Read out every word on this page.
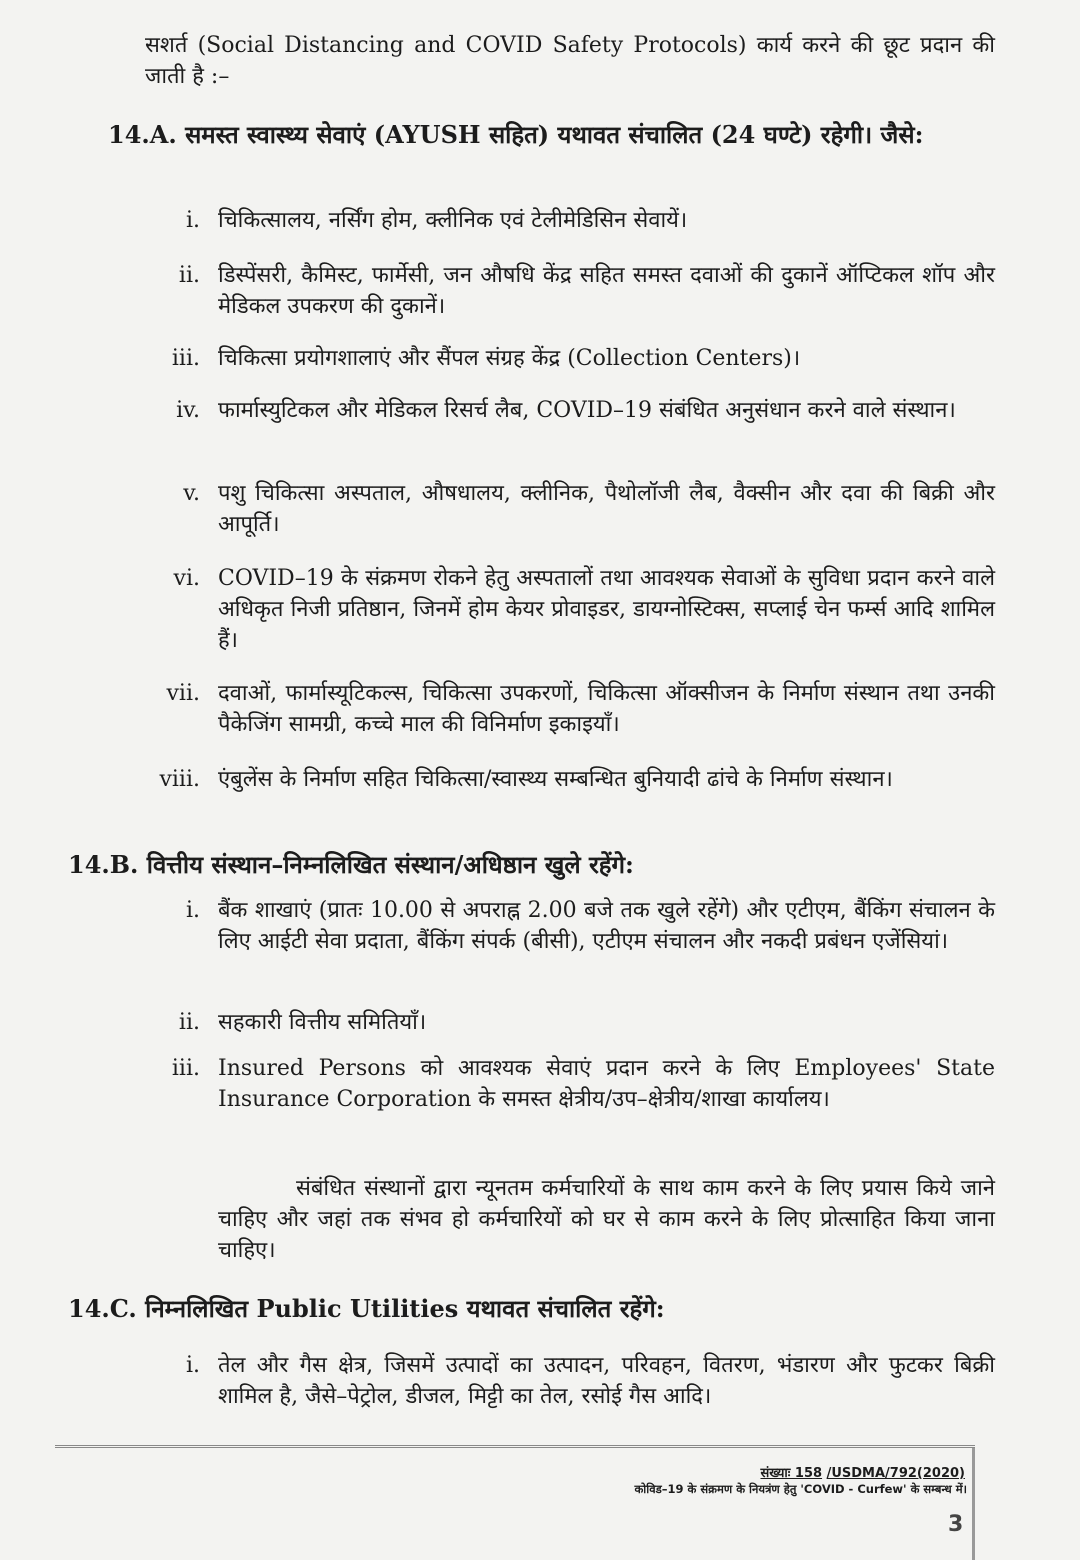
सशर्त (Social Distancing and COVID Safety Protocols) कार्य करने की छूट प्रदान की जाती है :–
14.A. समस्त स्वास्थ्य सेवाएं (AYUSH सहित) यथावत संचालित (24 घण्टे) रहेगी। जैसे:
i. चिकित्सालय, नर्सिंग होम, क्लीनिक एवं टेलीमेडिसिन सेवायें।
ii. डिस्पेंसरी, कैमिस्ट, फार्मेसी, जन औषधि केंद्र सहित समस्त दवाओं की दुकानें ऑप्टिकल शॉप और मेडिकल उपकरण की दुकानें।
iii. चिकित्सा प्रयोगशालाएं और सैंपल संग्रह केंद्र (Collection Centers)।
iv. फार्मास्युटिकल और मेडिकल रिसर्च लैब, COVID–19 संबंधित अनुसंधान करने वाले संस्थान।
v. पशु चिकित्सा अस्पताल, औषधालय, क्लीनिक, पैथोलॉजी लैब, वैक्सीन और दवा की बिक्री और आपूर्ति।
vi. COVID–19 के संक्रमण रोकने हेतु अस्पतालों तथा आवश्यक सेवाओं के सुविधा प्रदान करने वाले अधिकृत निजी प्रतिष्ठान, जिनमें होम केयर प्रोवाइडर, डायग्नोस्टिक्स, सप्लाई चेन फर्म्स आदि शामिल हैं।
vii. दवाओं, फार्मास्यूटिकल्स, चिकित्सा उपकरणों, चिकित्सा ऑक्सीजन के निर्माण संस्थान तथा उनकी पैकेजिंग सामग्री, कच्चे माल की विनिर्माण इकाइयाँ।
viii. एंबुलेंस के निर्माण सहित चिकित्सा/स्वास्थ्य सम्बन्धित बुनियादी ढांचे के निर्माण संस्थान।
14.B. वित्तीय संस्थान–निम्नलिखित संस्थान/अधिष्ठान खुले रहेंगे:
i. बैंक शाखाएं (प्रातः 10.00 से अपराह्न 2.00 बजे तक खुले रहेंगे) और एटीएम, बैंकिंग संचालन के लिए आईटी सेवा प्रदाता, बैंकिंग संपर्क (बीसी), एटीएम संचालन और नकदी प्रबंधन एजेंसियां।
ii. सहकारी वित्तीय समितियाँ।
iii. Insured Persons को आवश्यक सेवाएं प्रदान करने के लिए Employees' State Insurance Corporation के समस्त क्षेत्रीय/उप–क्षेत्रीय/शाखा कार्यालय।
संबंधित संस्थानों द्वारा न्यूनतम कर्मचारियों के साथ काम करने के लिए प्रयास किये जाने चाहिए और जहां तक संभव हो कर्मचारियों को घर से काम करने के लिए प्रोत्साहित किया जाना चाहिए।
14.C. निम्नलिखित Public Utilities यथावत संचालित रहेंगे:
i. तेल और गैस क्षेत्र, जिसमें उत्पादों का उत्पादन, परिवहन, वितरण, भंडारण और फुटकर बिक्री शामिल है, जैसे–पेट्रोल, डीजल, मिट्टी का तेल, रसोई गैस आदि।
संख्याः 158 /USDMA/792(2020)
कोविड–19 के संक्रमण के नियत्रंण हेतु 'COVID - Curfew' के सम्बन्ध में।
3
